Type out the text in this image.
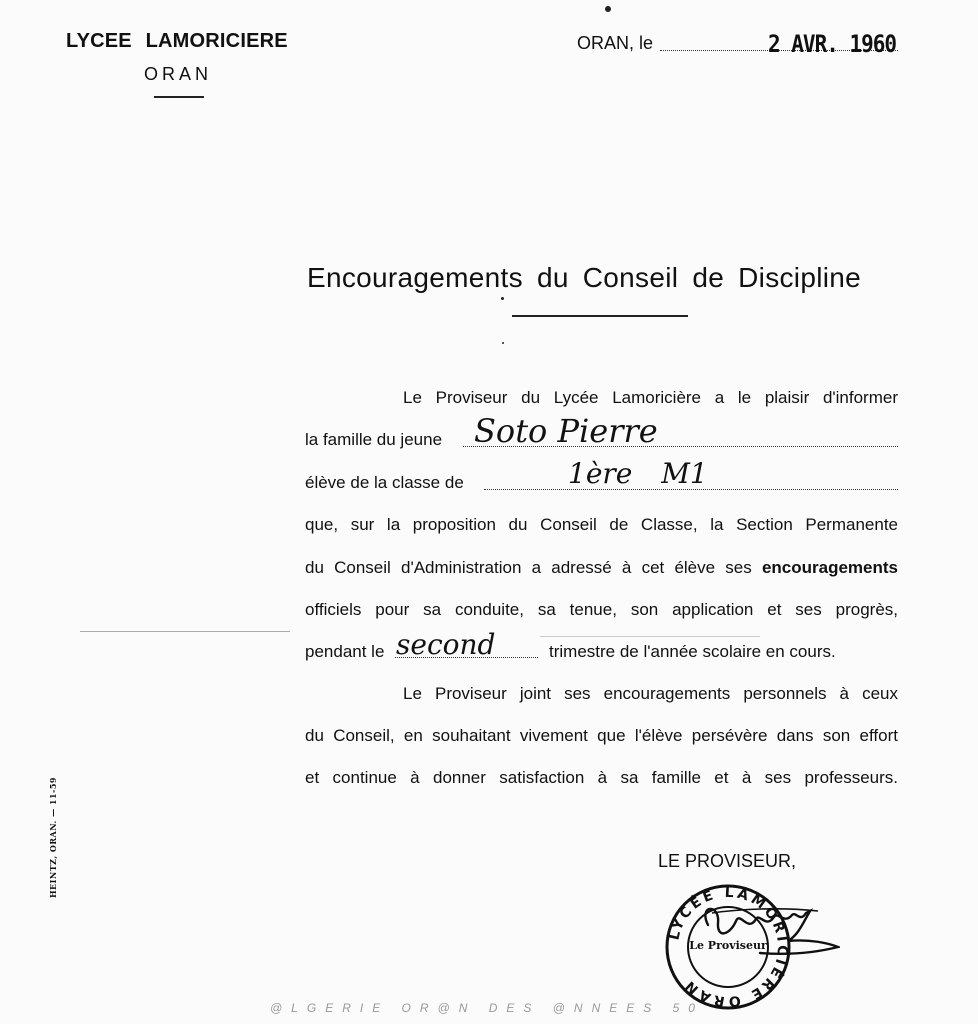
LYCEE LAMORICIERE
ORAN
ORAN, le	2 AVR. 1960
Encouragements du Conseil de Discipline
Le Proviseur du Lycée Lamoricière a le plaisir d'informer
la famille du jeune Soto Pierre
élève de la classe de	1ère M1
que, sur la proposition du Conseil de Classe, la Section Permanente
du Conseil d'Administration a adressé à cet élève ses encouragements
officiels pour sa conduite, sa tenue, son application et ses progrès,
pendant le second	trimestre de l'année scolaire en cours.
Le Proviseur joint ses encouragements personnels à ceux
du Conseil, en souhaitant vivement que l'élève persévère dans son effort
et continue à donner satisfaction à sa famille et à ses professeurs.
LE PROVISEUR,
LYCÉE LAMORICIÈRE ORAN
Le Proviseur
HEINTZ, ORAN. — 11-59
@LGERIE OR@N DES @NNEES 50
